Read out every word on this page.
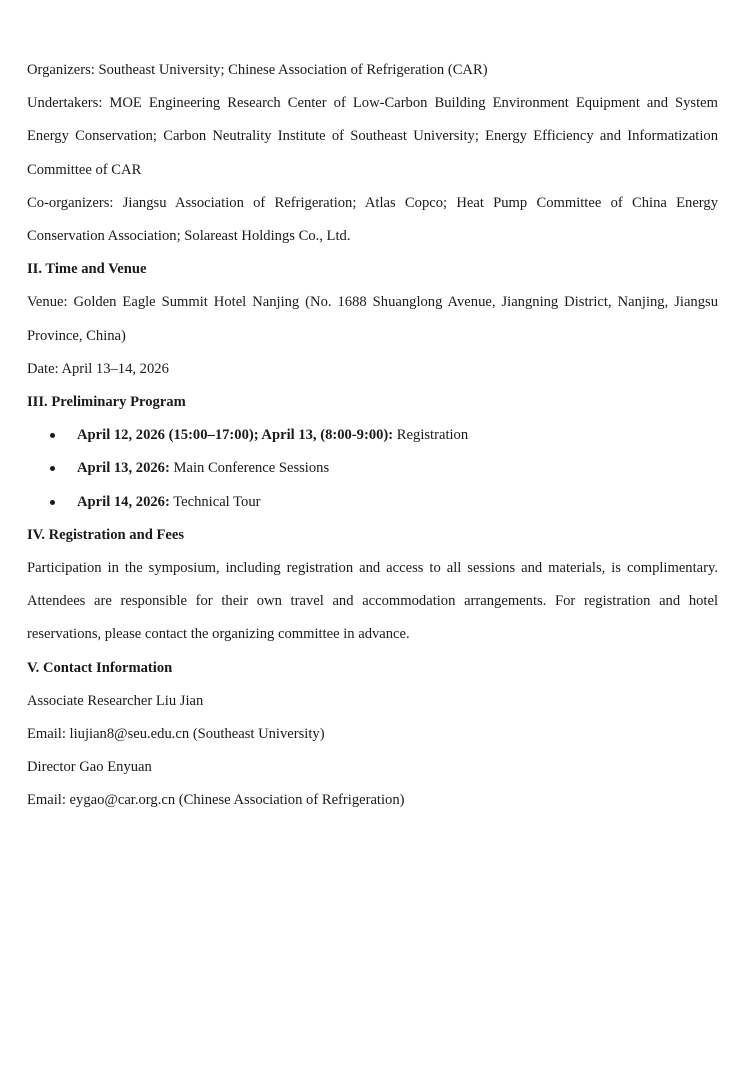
Organizers: Southeast University; Chinese Association of Refrigeration (CAR)

Undertakers: MOE Engineering Research Center of Low-Carbon Building Environment Equipment and System Energy Conservation; Carbon Neutrality Institute of Southeast University; Energy Efficiency and Informatization Committee of CAR

Co-organizers: Jiangsu Association of Refrigeration; Atlas Copco; Heat Pump Committee of China Energy Conservation Association; Solareast Holdings Co., Ltd.

II. Time and Venue

Venue: Golden Eagle Summit Hotel Nanjing (No. 1688 Shuanglong Avenue, Jiangning District, Nanjing, Jiangsu Province, China)

Date: April 13–14, 2026

III. Preliminary Program

April 12, 2026 (15:00–17:00); April 13, (8:00-9:00): Registration
April 13, 2026: Main Conference Sessions
April 14, 2026: Technical Tour

IV. Registration and Fees

Participation in the symposium, including registration and access to all sessions and materials, is complimentary. Attendees are responsible for their own travel and accommodation arrangements. For registration and hotel reservations, please contact the organizing committee in advance.

V. Contact Information

Associate Researcher Liu Jian

Email: liujian8@seu.edu.cn (Southeast University)

Director Gao Enyuan

Email: eygao@car.org.cn (Chinese Association of Refrigeration)
